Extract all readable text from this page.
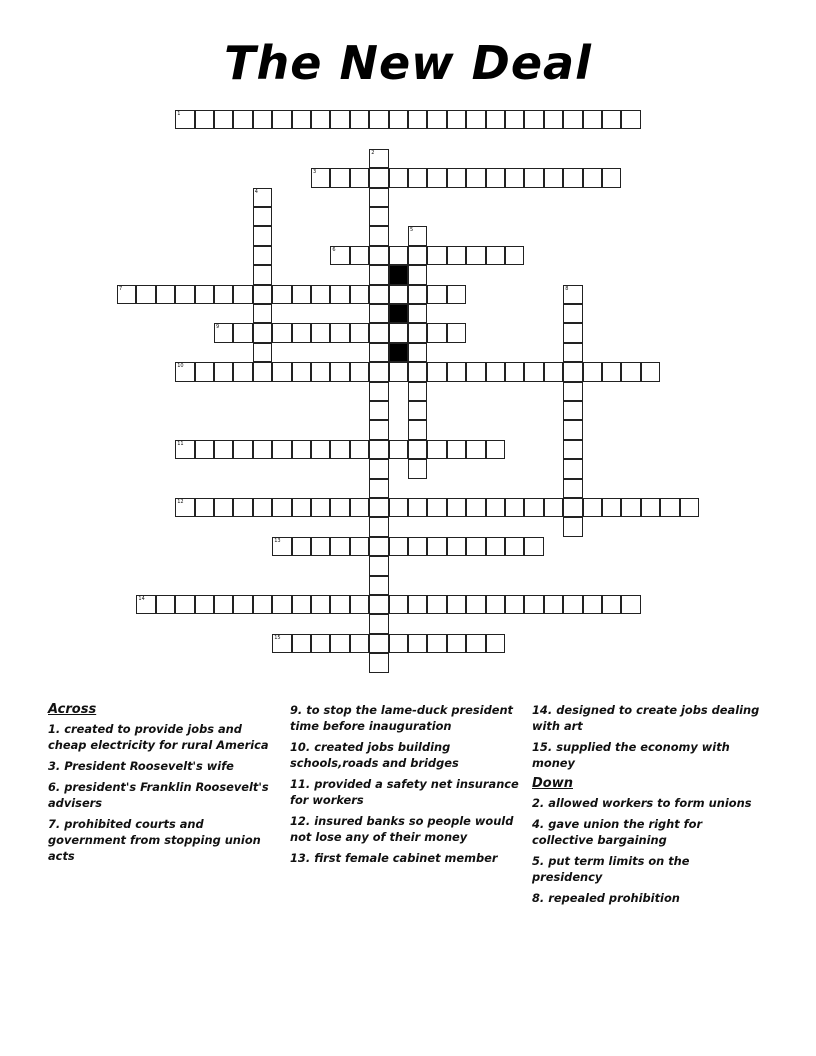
The New Deal
1
3
6
7
9
10
11
12
13
14
15
2
4
5
8
Across
1. created to provide jobs and cheap electricity for rural America
3. President Roosevelt's wife
6. president's Franklin Roosevelt's advisers
7. prohibited courts and government from stopping union acts
9. to stop the lame-duck president time before inauguration
10. created jobs building schools,roads and bridges
11. provided a safety net insurance for workers
12. insured banks so people would not lose any of their money
13. first female cabinet member
14. designed to create jobs dealing with art
15. supplied the economy with money
Down
2. allowed workers to form unions
4. gave union the right for collective bargaining
5. put term limits on the presidency
8. repealed prohibition
